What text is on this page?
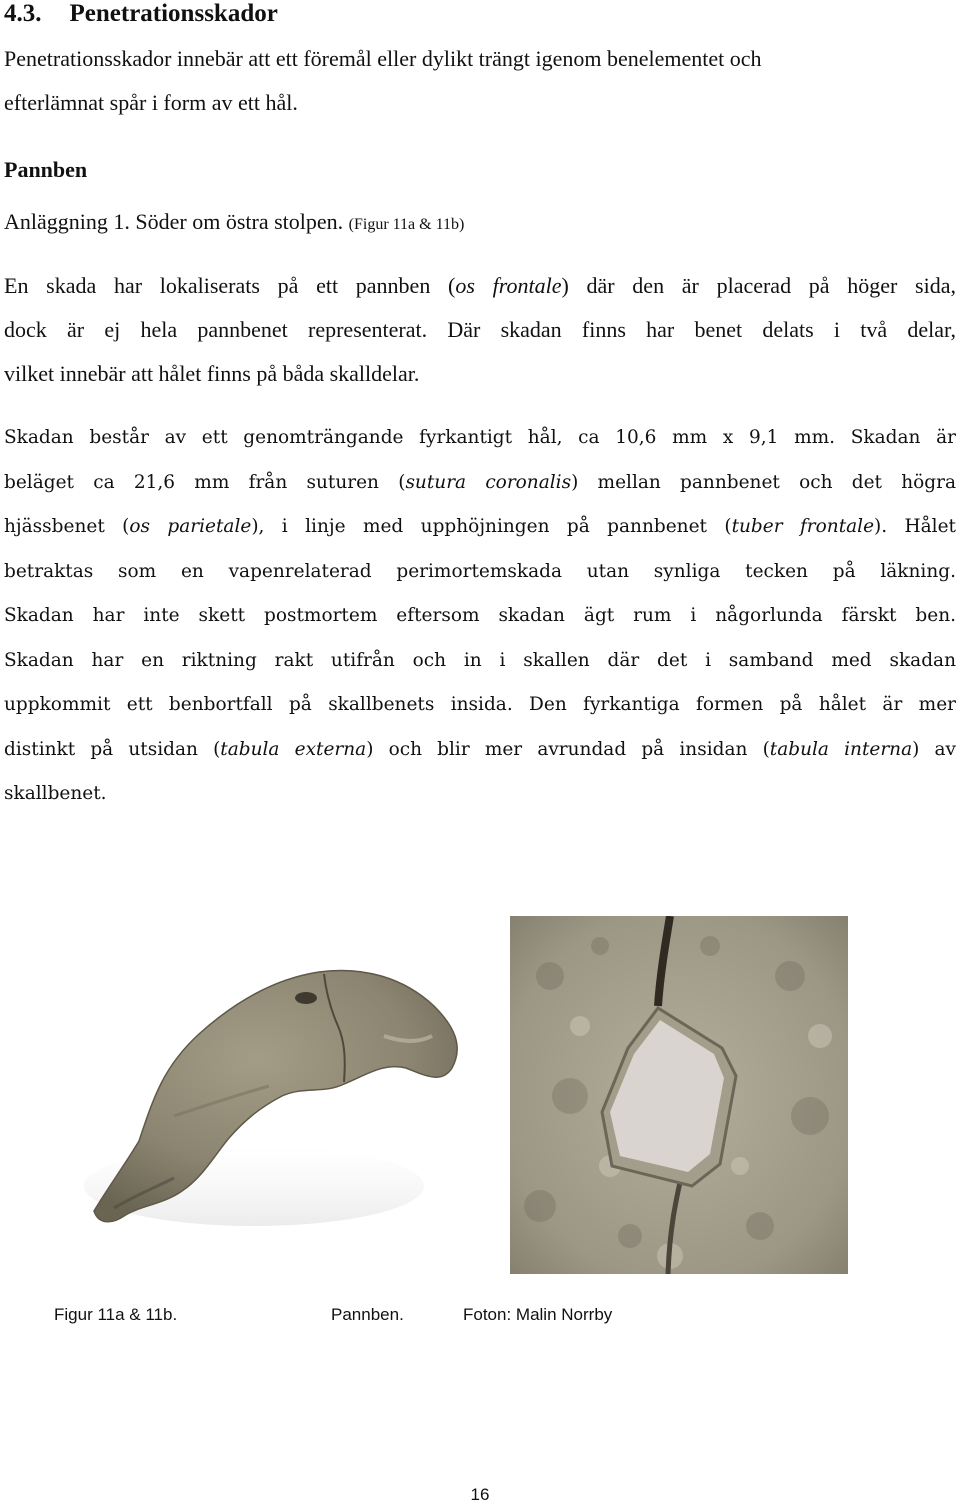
4.3. Penetrationsskador
Penetrationsskador innebär att ett föremål eller dylikt trängt igenom benelementet och
efterlämnat spår i form av ett hål.
Pannben
Anläggning 1. Söder om östra stolpen. (Figur 11a & 11b)
En skada har lokaliserats på ett pannben (os frontale) där den är placerad på höger sida,
dock är ej hela pannbenet representerat. Där skadan finns har benet delats i två delar,
vilket innebär att hålet finns på båda skalldelar.
Skadan består av ett genomträngande fyrkantigt hål, ca 10,6 mm x 9,1 mm. Skadan är
beläget ca 21,6 mm från suturen (sutura coronalis) mellan pannbenet och det högra
hjässbenet (os parietale), i linje med upphöjningen på pannbenet (tuber frontale). Hålet
betraktas som en vapenrelaterad perimortemskada utan synliga tecken på läkning.
Skadan har inte skett postmortem eftersom skadan ägt rum i någorlunda färskt ben.
Skadan har en riktning rakt utifrån och in i skallen där det i samband med skadan
uppkommit ett benbortfall på skallbenets insida. Den fyrkantiga formen på hålet är mer
distinkt på utsidan (tabula externa) och blir mer avrundad på insidan (tabula interna) av
skallbenet.
Figur 11a & 11b.	Pannben.	Foton: Malin Norrby
16
